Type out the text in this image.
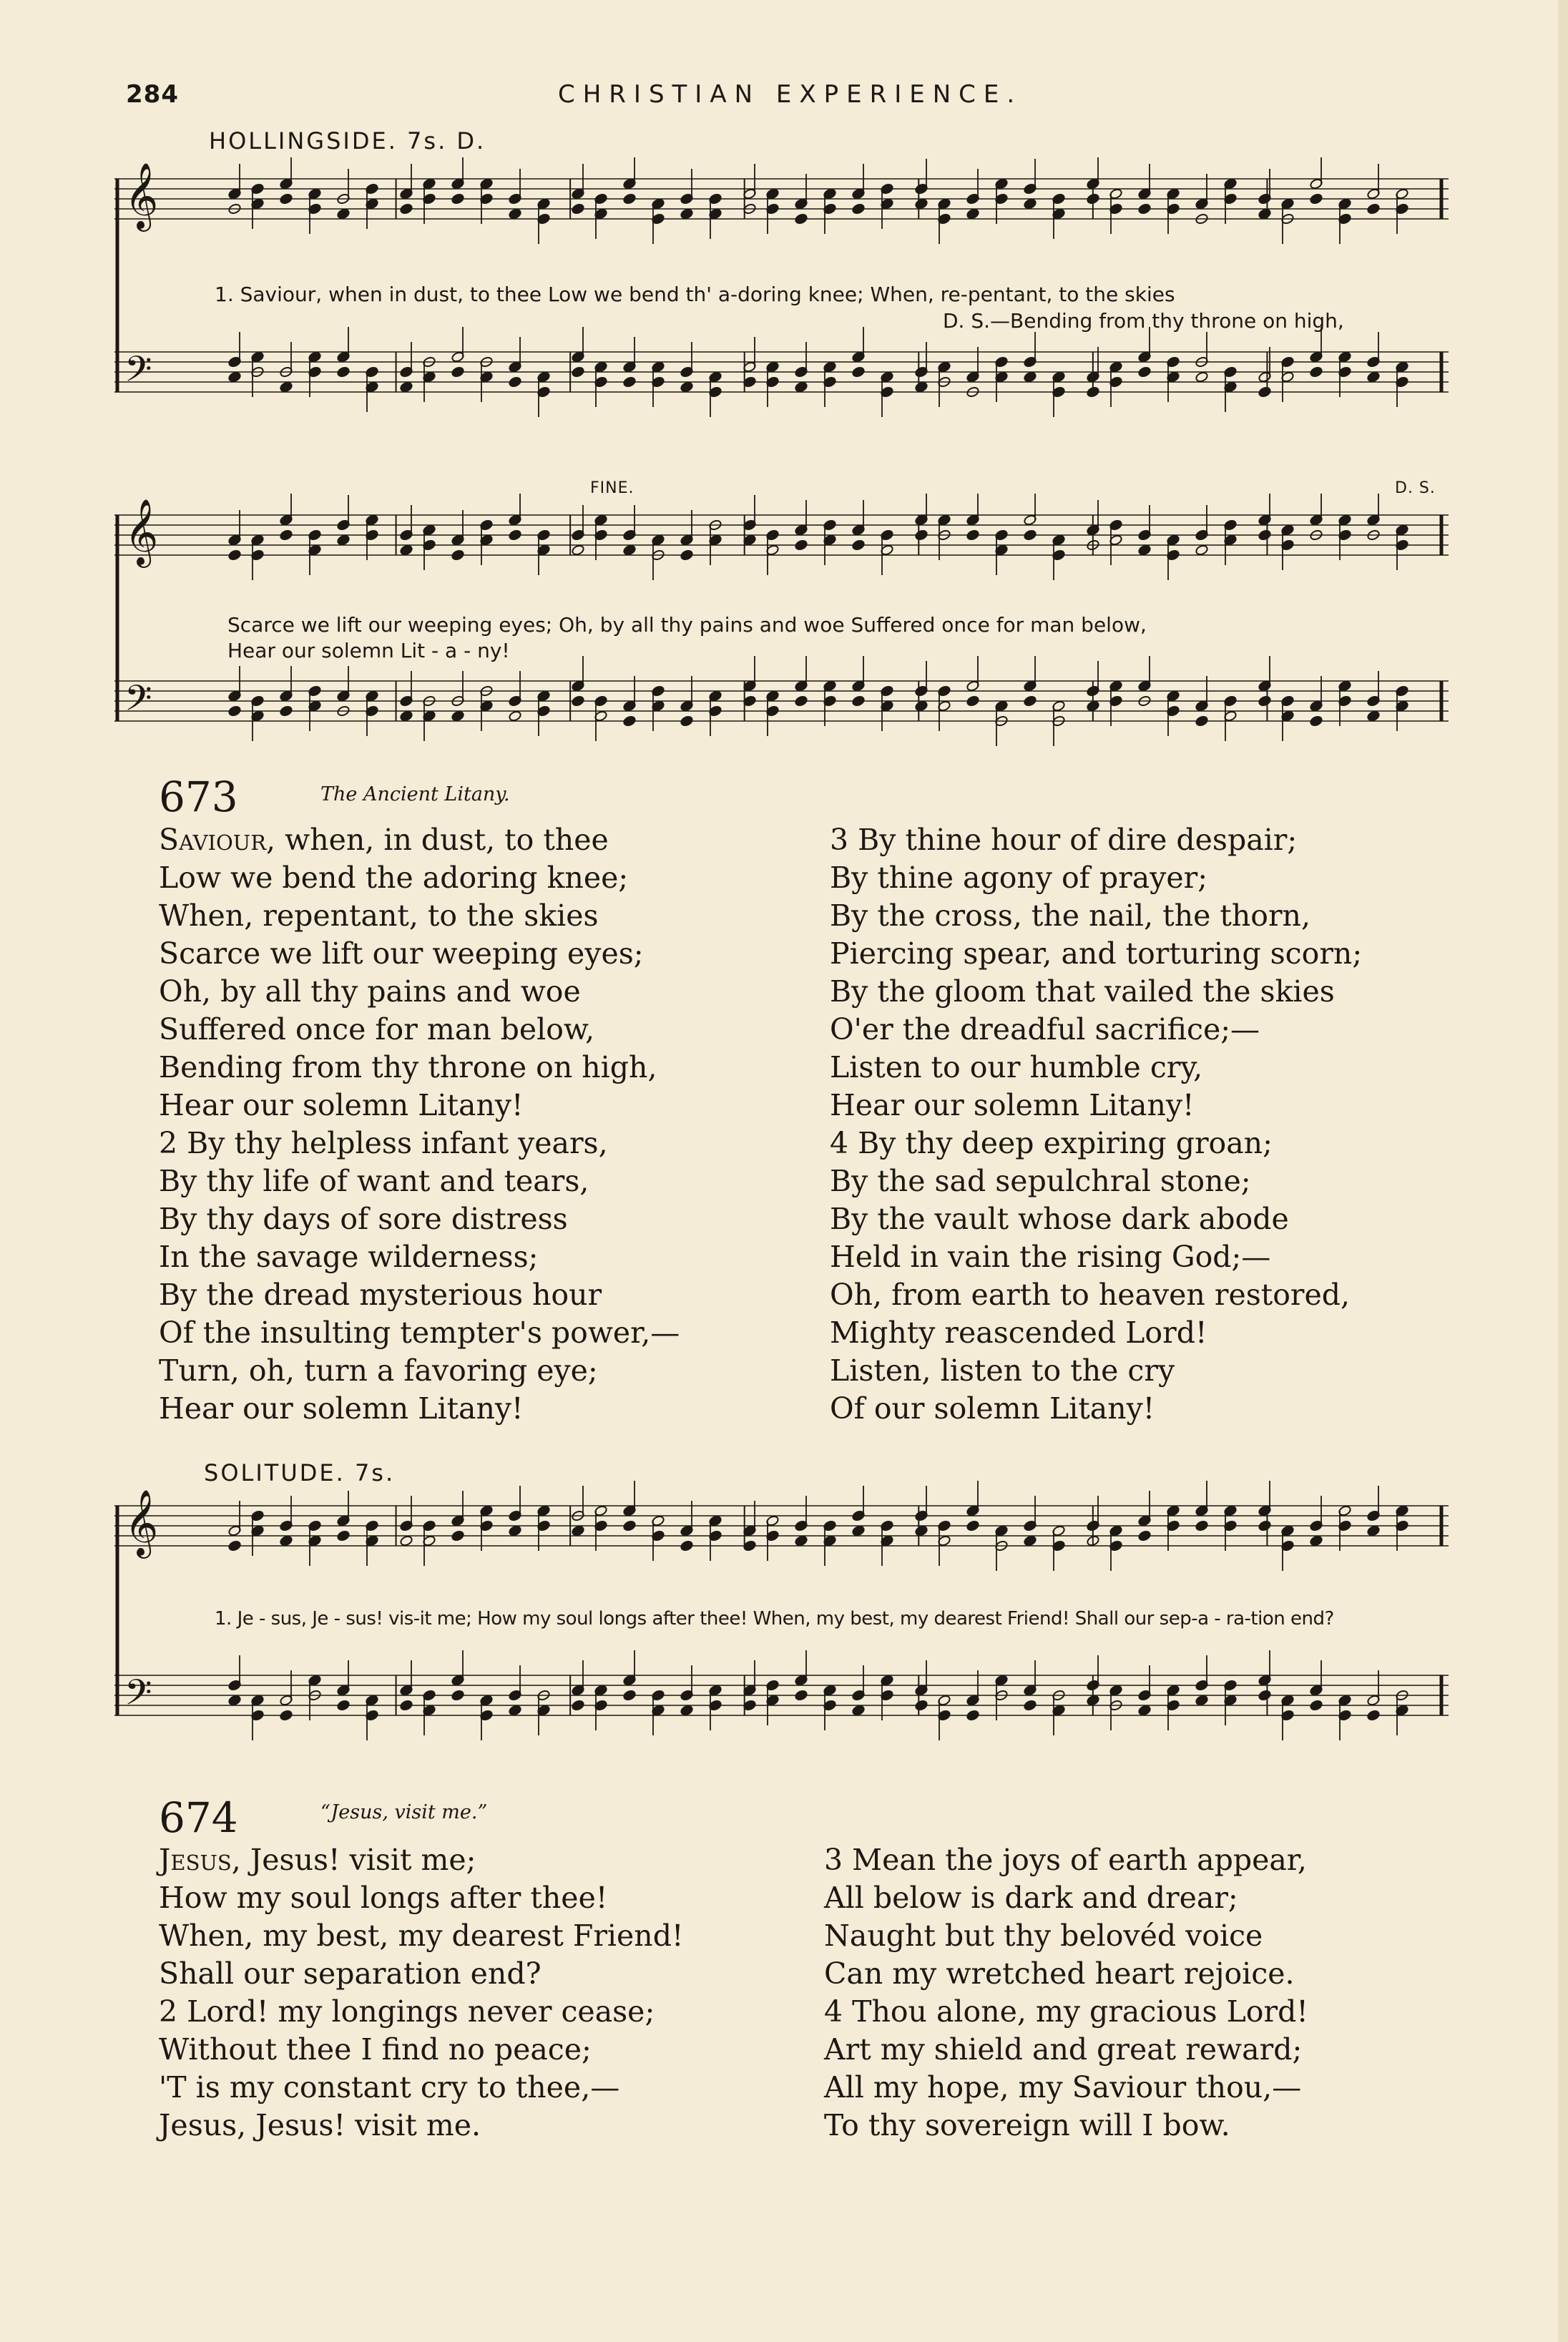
284	CHRISTIAN EXPERIENCE.
HOLLINGSIDE. 7s. D.
𝄞
𝄢
1. Saviour, when in dust, to thee Low we bend th' a-doring knee; When, re-pentant, to the skies
D. S.—Bending from thy throne on high,
FINE.	D. S.
𝄞
𝄢
Scarce we lift our weeping eyes; Oh, by all thy pains and woe Suffered once for man below,
Hear our solemn Lit - a - ny!
673	The Ancient Litany.
Saviour, when, in dust, to thee
Low we bend the adoring knee;
When, repentant, to the skies
Scarce we lift our weeping eyes;
Oh, by all thy pains and woe
Suffered once for man below,
Bending from thy throne on high,
Hear our solemn Litany!
2 By thy helpless infant years,
By thy life of want and tears,
By thy days of sore distress
In the savage wilderness;
By the dread mysterious hour
Of the insulting tempter's power,—
Turn, oh, turn a favoring eye;
Hear our solemn Litany!
3 By thine hour of dire despair;
By thine agony of prayer;
By the cross, the nail, the thorn,
Piercing spear, and torturing scorn;
By the gloom that vailed the skies
O'er the dreadful sacrifice;—
Listen to our humble cry,
Hear our solemn Litany!
4 By thy deep expiring groan;
By the sad sepulchral stone;
By the vault whose dark abode
Held in vain the rising God;—
Oh, from earth to heaven restored,
Mighty reascended Lord!
Listen, listen to the cry
Of our solemn Litany!
SOLITUDE. 7s.
𝄞
𝄢
1. Je - sus, Je - sus! vis-it me; How my soul longs after thee! When, my best, my dearest Friend! Shall our sep-a - ra-tion end?
674	“Jesus, visit me.”
Jesus, Jesus! visit me;
How my soul longs after thee!
When, my best, my dearest Friend!
Shall our separation end?
2 Lord! my longings never cease;
Without thee I find no peace;
'T is my constant cry to thee,—
Jesus, Jesus! visit me.
3 Mean the joys of earth appear,
All below is dark and drear;
Naught but thy belovéd voice
Can my wretched heart rejoice.
4 Thou alone, my gracious Lord!
Art my shield and great reward;
All my hope, my Saviour thou,—
To thy sovereign will I bow.
